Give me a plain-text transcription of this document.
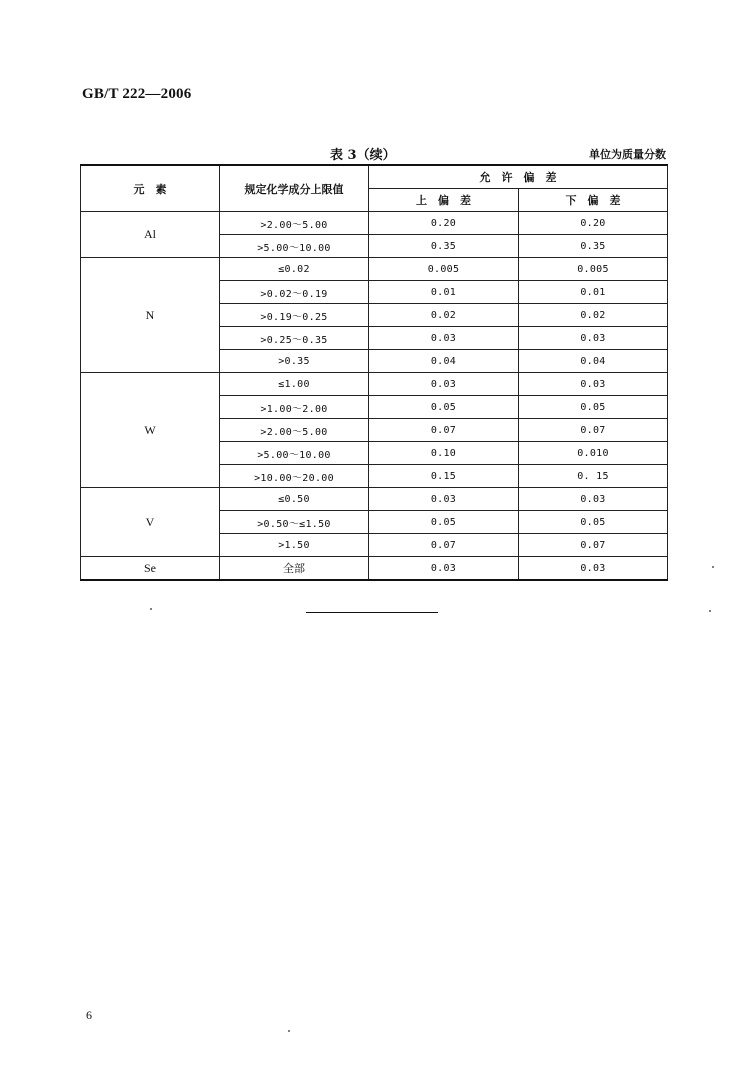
GB/T 222—2006
表 3（续）	单位为质量分数
元　素	规定化学成分上限值	允　许　偏　差	
		上　偏　差	下　偏　差
Al	>2.00～5.00	0.20	0.20
	>5.00～10.00	0.35	0.35
N	≤0.02	0.005	0.005
	>0.02～0.19	0.01	0.01
	>0.19～0.25	0.02	0.02
	>0.25～0.35	0.03	0.03
	>0.35	0.04	0.04
W	≤1.00	0.03	0.03
	>1.00～2.00	0.05	0.05
	>2.00～5.00	0.07	0.07
	>5.00～10.00	0.10	0.010
	>10.00～20.00	0.15	0. 15
V	≤0.50	0.03	0.03
	>0.50～≤1.50	0.05	0.05
	>1.50	0.07	0.07
Se	全部	0.03	0.03
6
